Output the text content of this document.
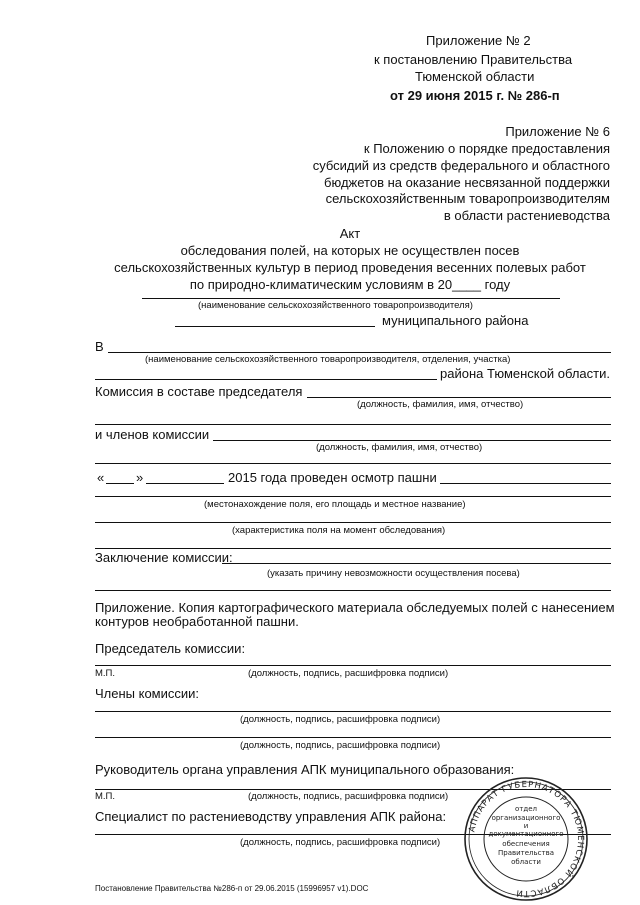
Приложение № 2
к постановлению Правительства
Тюменской области
от 29 июня 2015 г. № 286-п
Приложение № 6
к Положению о порядке предоставления
субсидий из средств федерального и областного
бюджетов на оказание несвязанной поддержки
сельскохозяйственным товаропроизводителям
в области растениеводства
Акт
обследования полей, на которых не осуществлен посев
сельскохозяйственных культур в период проведения весенних полевых работ
по природно-климатическим условиям в 20____ году
(наименование сельскохозяйственного товаропроизводителя)
муниципального района
В
(наименование сельскохозяйственного товаропроизводителя, отделения, участка)
района Тюменской области.
Комиссия в составе председателя
(должность, фамилия, имя, отчество)
и членов комиссии
(должность, фамилия, имя, отчество)
« »	2015 года проведен осмотр пашни
(местонахождение поля, его площадь и местное название)
(характеристика поля на момент обследования)
Заключение комиссии:
(указать причину невозможности осуществления посева)
Приложение. Копия картографического материала обследуемых полей с нанесением
контуров необработанной пашни.
Председатель комиссии:
М.П.	(должность, подпись, расшифровка подписи)
Члены комиссии:
(должность, подпись, расшифровка подписи)
(должность, подпись, расшифровка подписи)
Руководитель органа управления АПК муниципального образования:
М.П.	(должность, подпись, расшифровка подписи)
Специалист по растениеводству управления АПК района:
(должность, подпись, расшифровка подписи)
АППАРАТ ГУБЕРНАТОРА ТЮМЕНСКОЙ ОБЛАСТИ
отдел
организационного
и
документационного
обеспечения
Правительства
области
Постановление Правительства №286-п от 29.06.2015 (15996957 v1).DOC
